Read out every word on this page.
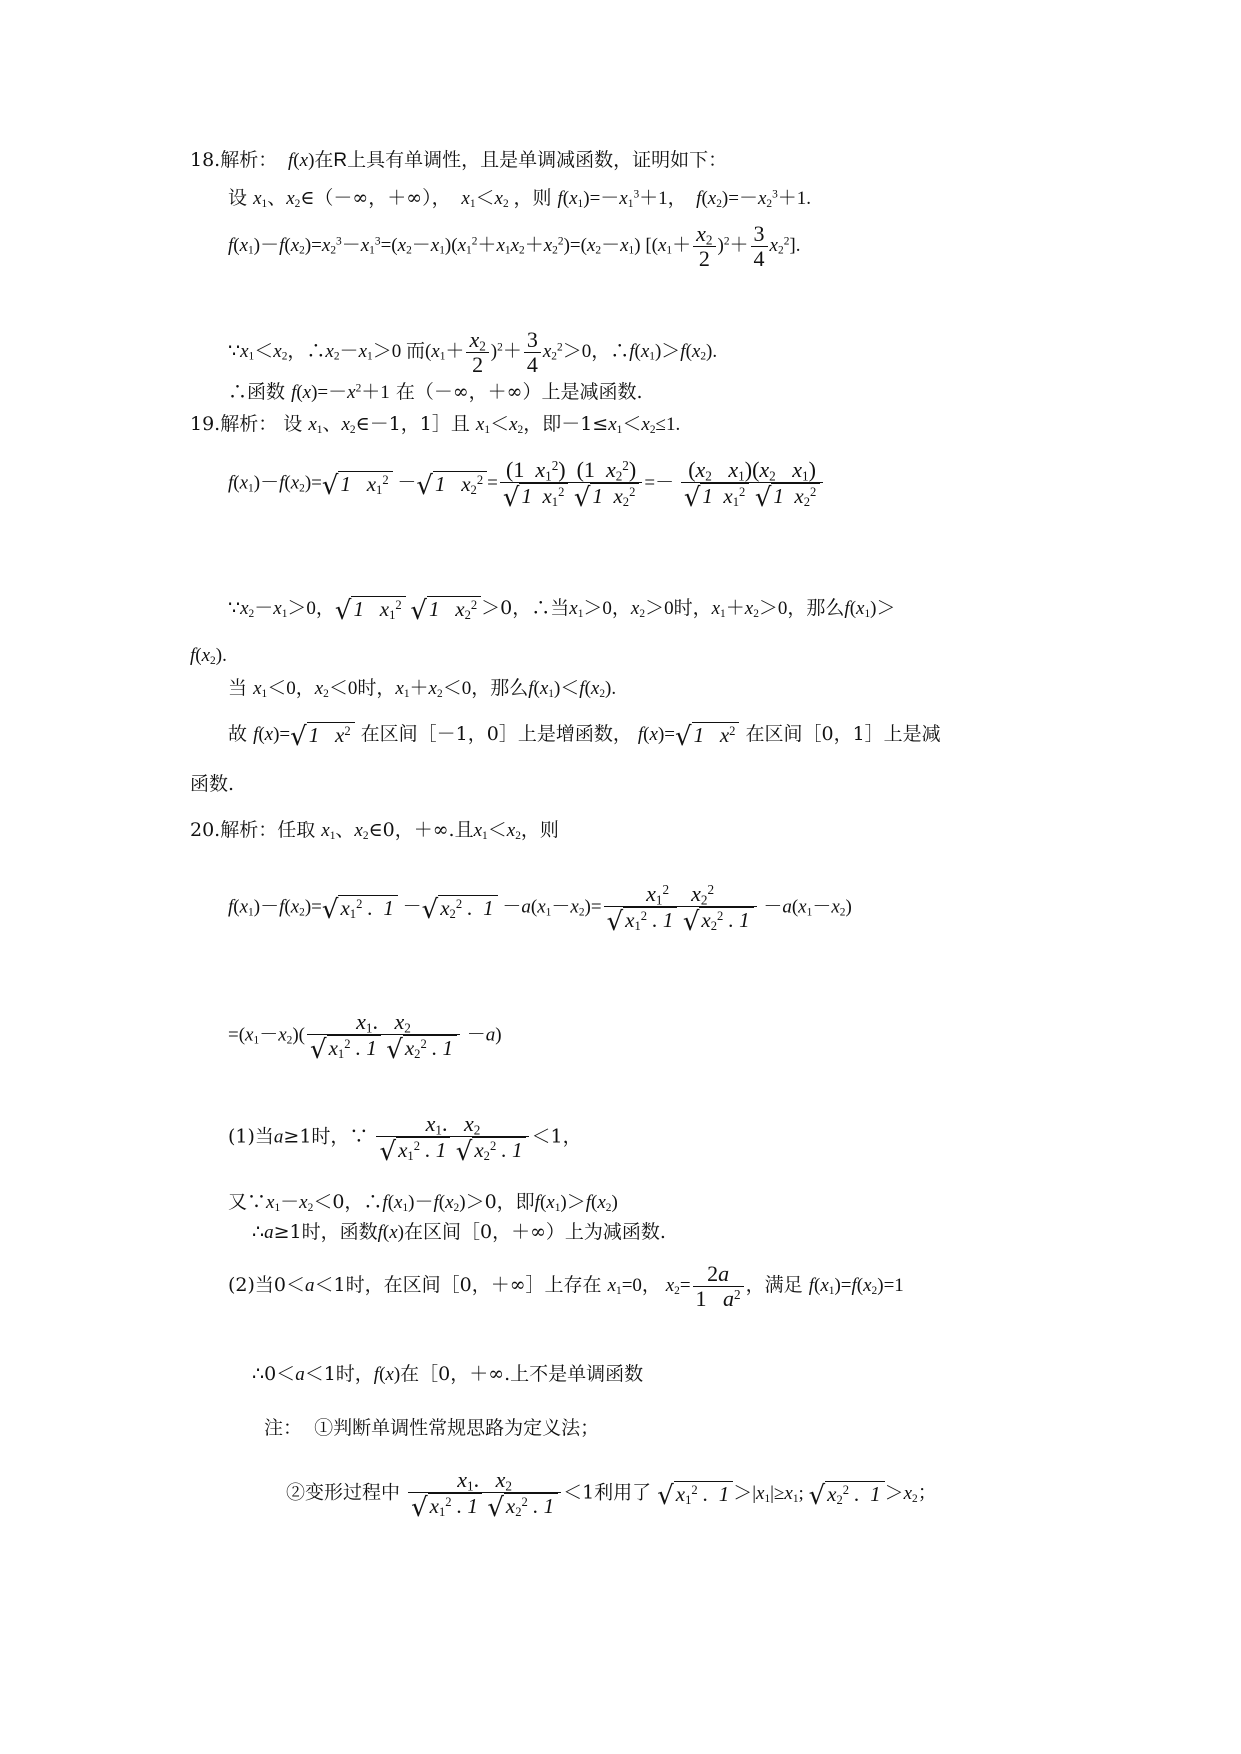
18.解析： f(x)在R上具有单调性，且是单调减函数，证明如下：
设 $x_1$、$x_2\in(-\infty$，＋∞）， $x_1<x_2$ ，则 $f(x_1)=-x_1^3+1$，  $f(x_2)=-x_2^3+1$.
$f(x_1)-f(x_2)=x_2^3-x_1^3=(x_2-x_1)(x_1^2+x_1x_2+x_2^2)=(x_2-x_1)$ $[(x_1+ \frac{x_2}{2} )^2+ \frac{3}{4} x_2^2]$.
$\because x_1<x_2$，$\therefore x_2-x_1>0$ 而$(x_1+ \frac{x_2}{2} )^2+ \frac{3}{4} x_2^2>0$，$\therefore f(x_1)>f(x_2)$.
∴函数 $f(x)=-x^2+1$ 在（－∞，＋∞）上是减函数.
19.解析： 设 $x_1$、$x_2\in-1$，1］且 $x_1<x_2$，即$-1\le x_1<x_2\le 1$.
$f(x_1)-f(x_2)=√1$   $x_1^2 -√1$   $x_2^2 = \frac{(1 x_1^2) (1 x_2^2)}{√1 x_1^2 √1 x_2^2} =- \frac{(x_2 x_1)(x_2 x_1)}{√1 x_1^2 √1 x_2^2}$
$\because x_2-x_1>0$，√1   $x_1^2$ √1   $x_2^2 >0$，∴当$x_1>0$，$x_2>0$时，$x_1+x_2>0$，那么$f(x_1)>$
$f(x_2)$.
当 $x_1<0$，$x_2<0$时，$x_1+x_2<0$，那么$f(x_1)<f(x_2)$.
故 f(x)=√1   $x^2$ 在区间［－1，0］上是增函数， f(x)=√1   $x^2$ 在区间［0，1］上是减
函数.
20.解析：任取 $x_1$、$x_2\in 0$，＋∞.且$x_1<x_2$，则
$f(x_1)-f(x_2)=√x_1^2$ .  $1 -√x_2^2$ .  $1 -a(x_1-x_2)= \frac{x_1^2 x_2^2}{√x_1^2 . 1 √x_2^2 . 1} -a(x_1-x_2)$
$=(x_1-x_2)( \frac{x_1. x_2}{√x_1^2 . 1 √x_2^2 . 1} -a)$
(1)当a≥1时，∵ $\frac{x_1. x_2}{√x_1^2 . 1 √x_2^2 . 1} <1$，
又$\because x_1-x_2<0$，$\therefore f(x_1)-f(x_2)>0$，即$f(x_1)>f(x_2)$
∴a≥1时，函数f(x)在区间［0，＋∞）上为减函数.
(2)当0＜a＜1时，在区间［0，＋∞］上存在 $x_1=0$， $x_2= \frac{2a}{1 a^2}$ ，满足 $f(x_1)=f(x_2)=1$
∴0＜a＜1时，f(x)在［0，＋∞.上不是单调函数
注： ①判断单调性常规思路为定义法；
②变形过程中 $\frac{x_1. x_2}{√x_1^2 . 1 √x_2^2 . 1} <1$利用了 $√x_1^2$ .  $1 >|x_1|\ge x_1$; $√x_2^2$ .  $1 >x_2$；
